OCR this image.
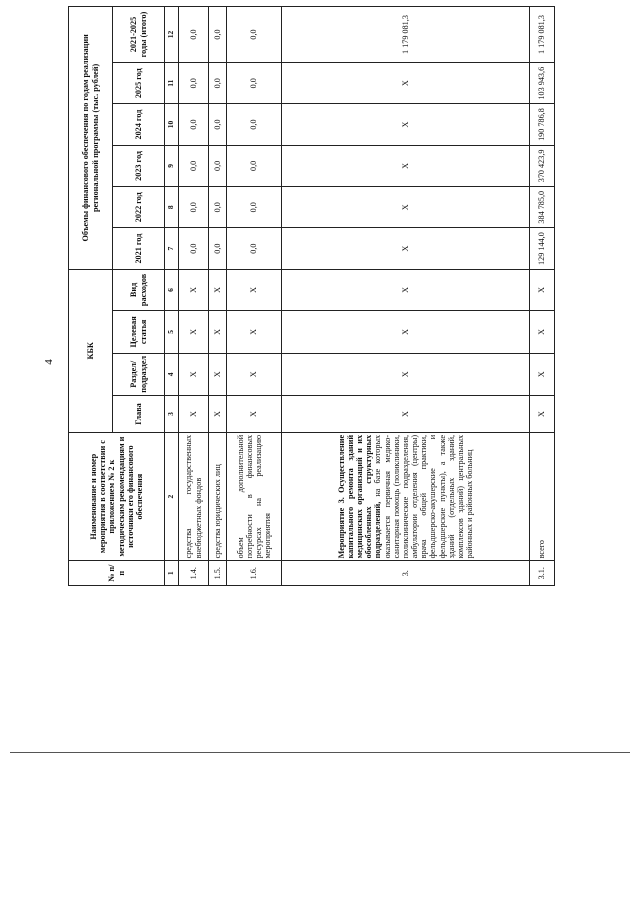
4
№ п/п	Наименование и номер мероприятия в соответствии с приложением № 2 к методическим рекомендациям и источники его финансового обеспечения	КБК				Объемы финансового обеспечения по годам реализации региональной программы (тыс. рублей)					
		Глава	Раздел/ подраздел	Целевая статья	Вид расходов	2021 год	2022 год	2023 год	2024 год	2025 год	2021-2025 годы (итого)
1	2	3	4	5	6	7	8	9	10	11	12
1.4.	средства государственных внебюджетных фондов	X	X	X	X	0,0	0,0	0,0	0,0	0,0	0,0
1.5.	средства юридических лиц	X	X	X	X	0,0	0,0	0,0	0,0	0,0	0,0
1.6.	объем дополнительной потребности в финансовых ресурсах на реализацию мероприятия	X	X	X	X	0,0	0,0	0,0	0,0	0,0	0,0
3.	Мероприятие 3. Осуществление капитального ремонта зданий медицинских организаций и их обособленных структурных подразделений, на базе которых оказывается первичная медико-санитарная помощь (поликлиники, поликлинические подразделения, амбулатории отделения (центры) врача общей практики, фельдшерско-акушерские и фельдшерские пункты), а также зданий (отдельных зданий, комплексов зданий) центральных районных и районных больниц	X	X	X	X	X	X	X	X	X	1 179 081,3
3.1.	всего	X	X	X	X	129 144,0	384 785,0	370 423,9	190 786,8	103 943,6	1 179 081,3
